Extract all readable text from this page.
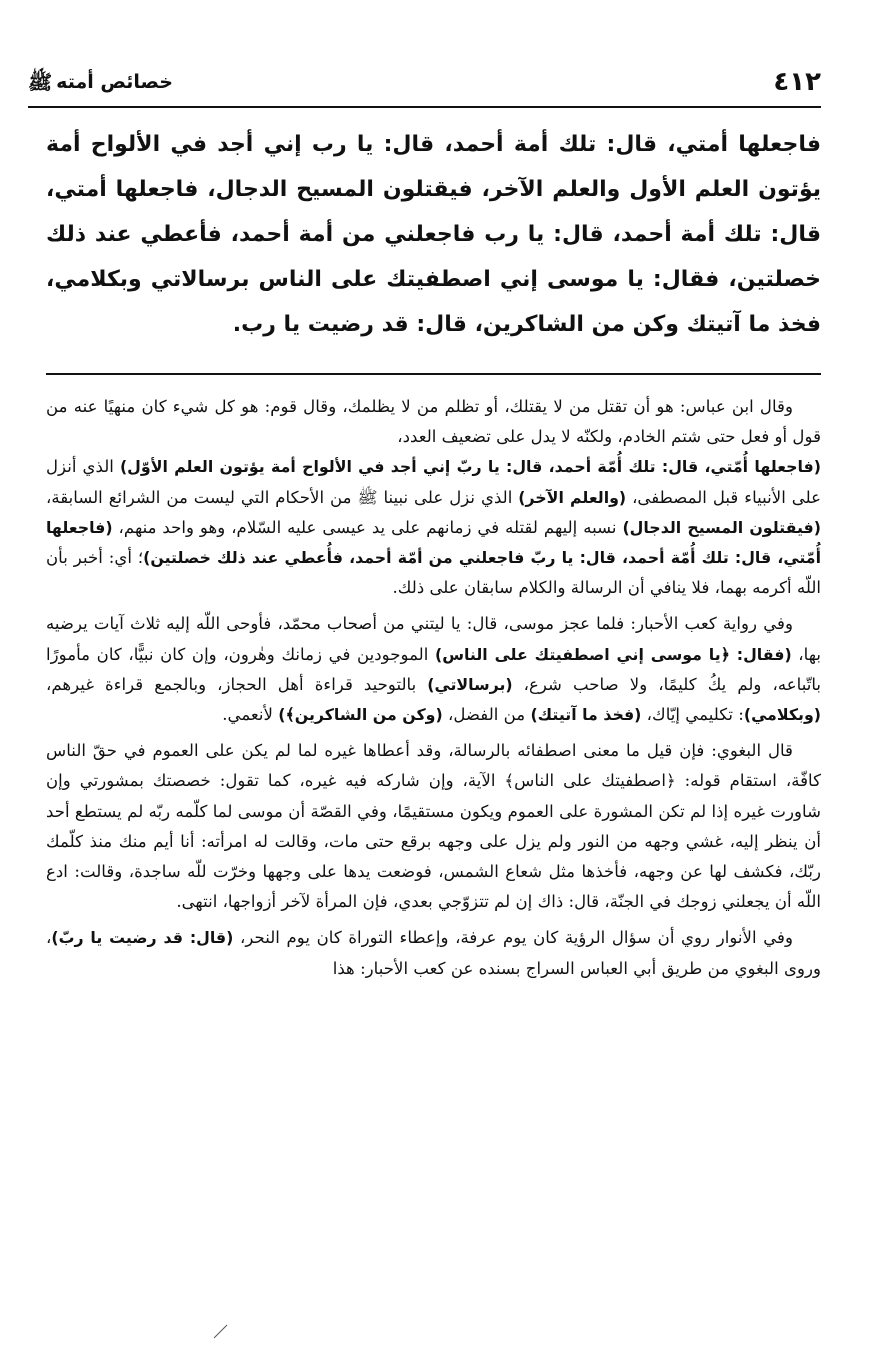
٤١٢
خصائص أمته
ﷺ
فاجعلها أمتي، قال: تلك أمة أحمد، قال: يا رب إني أجد في الألواح أمة يؤتون العلم الأول والعلم الآخر، فيقتلون المسيح الدجال، فاجعلها أمتي، قال: تلك أمة أحمد، قال: يا رب فاجعلني من أمة أحمد، فأعطي عند ذلك خصلتين، فقال: يا موسى إني اصطفيتك على الناس برسالاتي وبكلامي، فخذ ما آتيتك وكن من الشاكرين، قال: قد رضيت يا رب.

وقال ابن عباس: هو أن تقتل من لا يقتلك، أو تظلم من لا يظلمك، وقال قوم: هو كل شيء كان منهيًا عنه من قول أو فعل حتى شتم الخادم، ولكنّه لا يدل على تضعيف العدد،
(فاجعلها أُمّتي، قال: تلك أُمّة أحمد، قال: يا ربّ إني أجد في الألواح أمة يؤتون العلم الأوّل) الذي أنزل على الأنبياء قبل المصطفى، (والعلم الآخر) الذي نزل على نبينا ﷺ من الأحكام التي ليست من الشرائع السابقة، (فيقتلون المسيح الدجال) نسبه إليهم لقتله في زمانهم على يد عيسى عليه السّلام، وهو واحد منهم، (فاجعلها أُمّتي، قال: تلك أُمّة أحمد، قال: يا ربّ فاجعلني من أمّة أحمد، فأُعطي عند ذلك خصلتين)؛ أي: أخبر بأن اللّه أكرمه بهما، فلا ينافي أن الرسالة والكلام سابقان على ذلك.

وفي رواية كعب الأحبار: فلما عجز موسى، قال: يا ليتني من أصحاب محمّد، فأوحى اللّه إليه ثلاث آيات يرضيه بها، (فقال: ﴿يا موسى إني اصطفيتك على الناس) الموجودين في زمانك وهٰرون، وإن كان نبيًّا، كان مأمورًا باتّباعه، ولم يكُ كليمًا، ولا صاحب شرع، (برسالاتي) بالتوحيد قراءة أهل الحجاز، وبالجمع قراءة غيرهم، (وبكلامي): تكليمي إيّاك، (فخذ ما آتيتك) من الفضل، (وكن من الشاكرين﴾) لأنعمي.

قال البغوي: فإن قيل ما معنى اصطفائه بالرسالة، وقد أعطاها غيره لما لم يكن على العموم في حقّ الناس كافّة، استقام قوله: ﴿اصطفيتك على الناس﴾ الآية، وإن شاركه فيه غيره، كما تقول: خصصتك بمشورتي وإن شاورت غيره إذا لم تكن المشورة على العموم ويكون مستقيمًا، وفي القصّة أن موسى لما كلّمه ربّه لم يستطع أحد أن ينظر إليه، غشي وجهه من النور ولم يزل على وجهه برقع حتى مات، وقالت له امرأته: أنا أيم منك منذ كلّمك ربّك، فكشف لها عن وجهه، فأخذها مثل شعاع الشمس، فوضعت يدها على وجهها وخرّت للّه ساجدة، وقالت: ادع اللّه أن يجعلني زوجك في الجنّة، قال: ذاك إن لم تتزوّجي بعدي، فإن المرأة لآخر أزواجها، انتهى.

وفي الأنوار روي أن سؤال الرؤية كان يوم عرفة، وإعطاء التوراة كان يوم النحر، (قال: قد رضيت يا ربّ)، وروى البغوي من طريق أبي العباس السراج بسنده عن كعب الأحبار: هذا
